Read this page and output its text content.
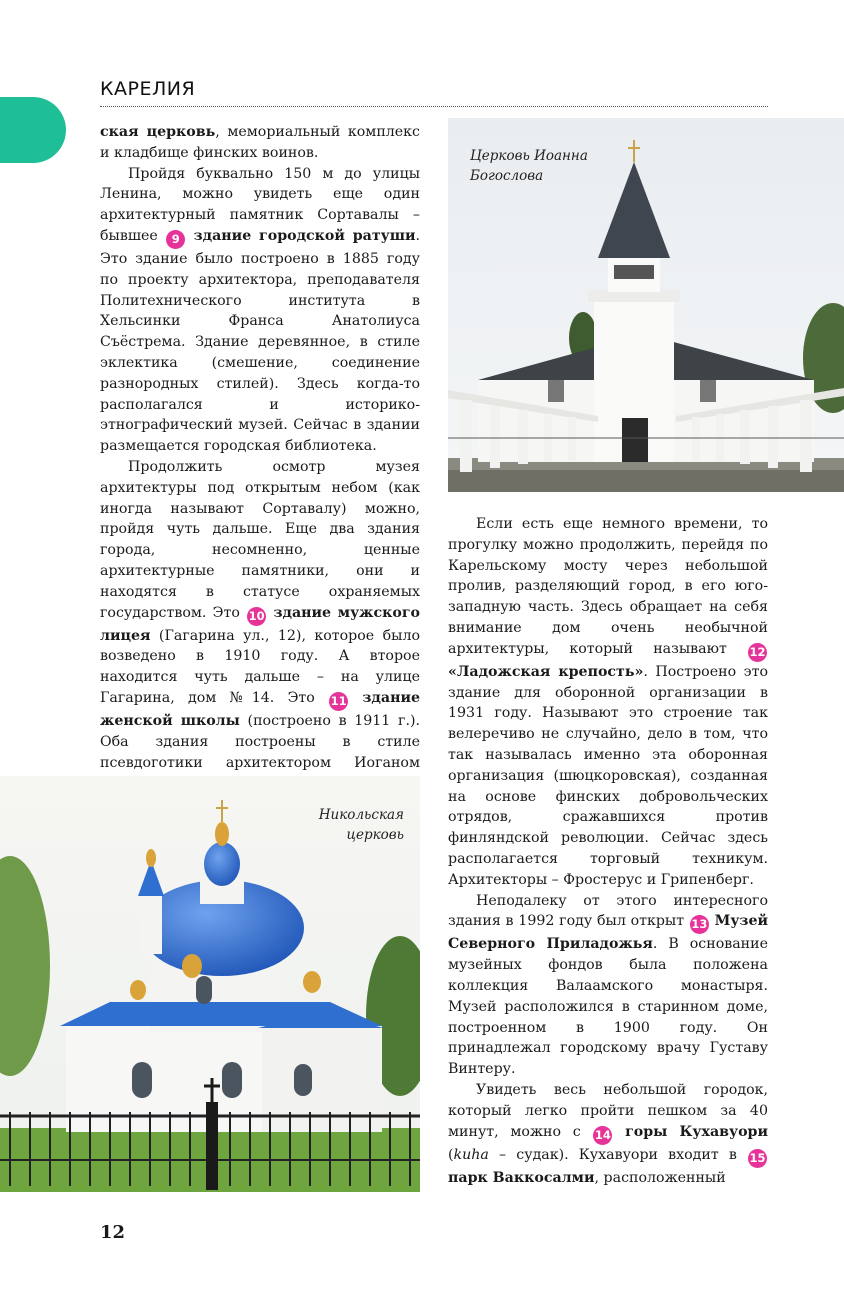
КАРЕЛИЯ

ская церковь, мемориальный комплекс и кладбище финских воинов.

Пройдя буквально 150 м до улицы Ленина, можно увидеть еще один архитектурный памятник Сортавалы – бывшее 9 здание городской ратуши. Это здание было построено в 1885 году по проекту архитектора, преподавателя Политехнического института в Хельсинки Франса Анатолиуса Съёстрема. Здание деревянное, в стиле эклектика (смешение, соединение разнородных стилей). Здесь когда-то располагался и историко-этнографический музей. Сейчас в здании размещается городская библиотека.

Продолжить осмотр музея архитектуры под открытым небом (как иногда называют Сортавалу) можно, пройдя чуть дальше. Еще два здания города, несомненно, ценные архитектурные памятники, они и находятся в статусе охраняемых государством. Это 10 здание мужского лицея (Гагарина ул., 12), которое было возведено в 1910 году. А второе находится чуть дальше – на улице Гагарина, дом №14. Это 11 здание женской школы (построено в 1911 г.). Оба здания построены в стиле псевдоготики архитектором Иоганом

Если есть еще немного времени, то прогулку можно продолжить, перейдя по Карельскому мосту через небольшой пролив, разделяющий город, в его юго-западную часть. Здесь обращает на себя внимание дом очень необычной архитектуры, который называют 12 «Ладожская крепость». Построено это здание для оборонной организации в 1931 году. Называют это строение так велеречиво не случайно, дело в том, что так называлась именно эта оборонная организация (шюцкоровская), созданная на основе финских добровольческих отрядов, сражавшихся против финляндской революции. Сейчас здесь располагается торговый техникум. Архитекторы – Фростерус и Грипенберг.

Неподалеку от этого интересного здания в 1992 году был открыт 13 Музей Северного Приладожья. В основание музейных фондов была положена коллекция Валаамского монастыря. Музей расположился в старинном доме, построенном в 1900 году. Он принадлежал городскому врачу Густаву Винтеру.

Увидеть весь небольшой городок, который легко пройти пешком за 40 минут, можно с 14 горы Кухавуори (kuha – судак). Кухавуори входит в 15 парк Ваккосалми, расположенный

Церковь Иоанна Богослова
Никольская церковь
12
